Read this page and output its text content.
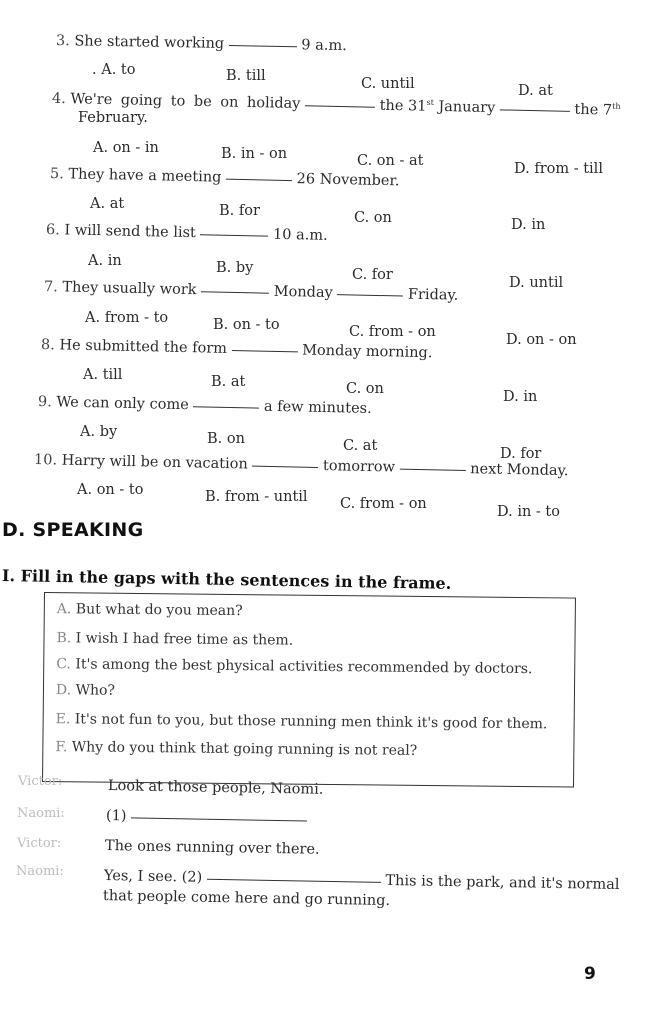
3. She started working	9 a.m.
. A. to	B. till	C. until	D. at
4. We're going to be on holiday	the 31st January	the 7th
February.
A. on - in	B. in - on	C. on - at	D. from - till
5. They have a meeting	26 November.
A. at	B. for	C. on	D. in
6. I will send the list	10 a.m.
A. in	B. by	C. for	D. until
7. They usually work	Monday	Friday.
A. from - to	B. on - to	C. from - on	D. on - on
8. He submitted the form	Monday morning.
A. till	B. at	C. on	D. in
9. We can only come	a few minutes.
A. by	B. on	C. at	D. for
10. Harry will be on vacation	tomorrow	next Monday.
A. on - to	B. from - until C. from - on	D. in - to
D. SPEAKING
I. Fill in the gaps with the sentences in the frame.
A. But what do you mean?
B. I wish I had free time as them.
C. It's among the best physical activities recommended by doctors.
D. Who?
E. It's not fun to you, but those running men think it's good for them.
F. Why do you think that going running is not real?
Victor:	Look at those people, Naomi.
Naomi:	(1)
Victor:	The ones running over there.
Naomi:	Yes, I see. (2)	This is the park, and it's normal
that people come here and go running.
9
